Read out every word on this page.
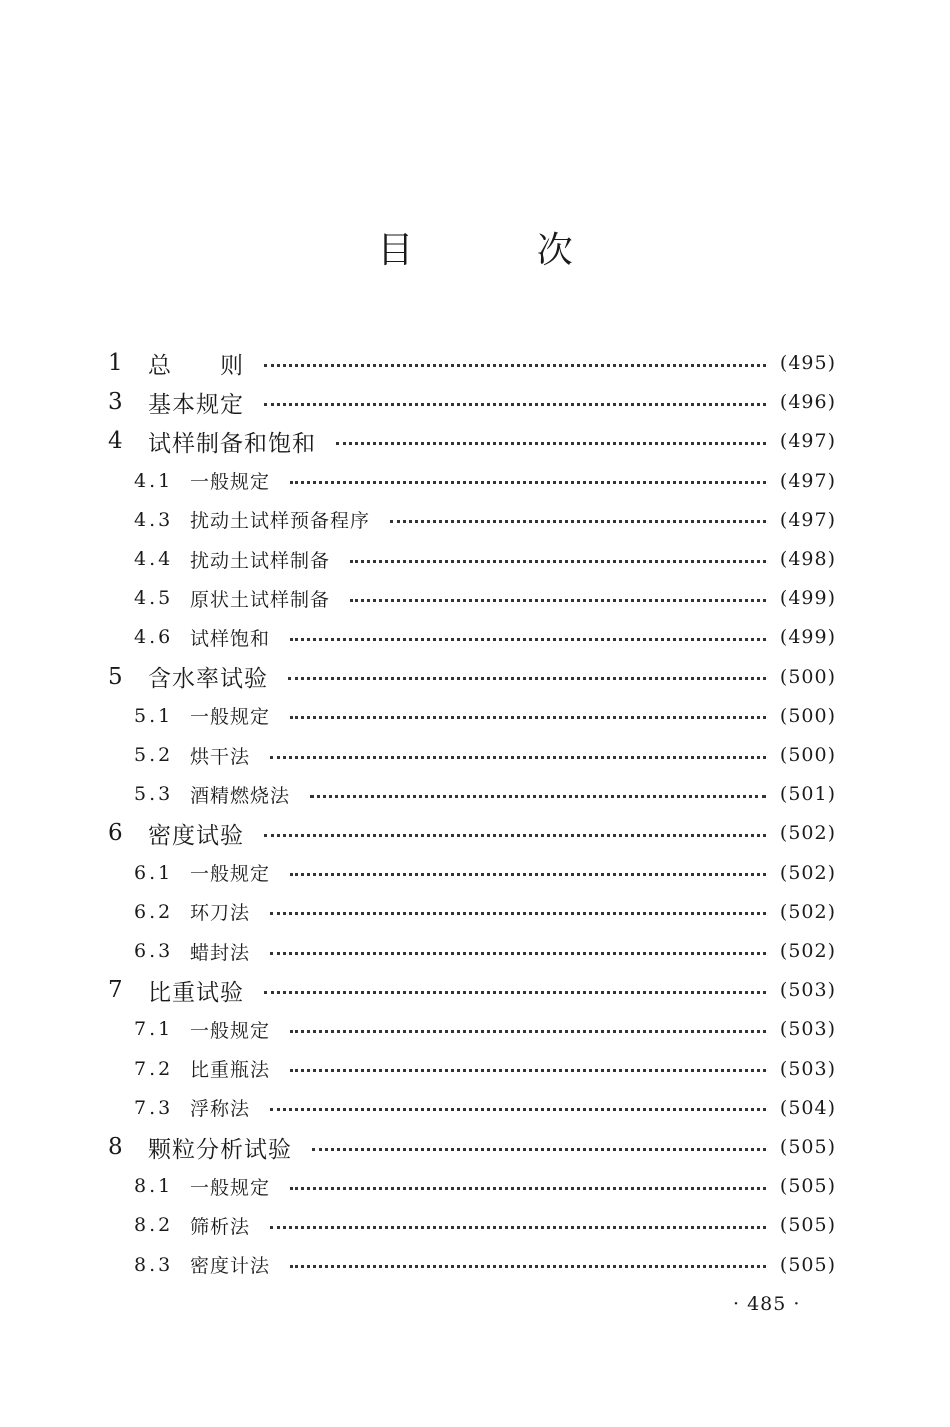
目 次
1	总　　则	(495)
3	基本规定	(496)
4	试样制备和饱和	(497)
4.1 一般规定	(497)
4.3 扰动土试样预备程序	(497)
4.4 扰动土试样制备	(498)
4.5 原状土试样制备	(499)
4.6 试样饱和	(499)
5	含水率试验	(500)
5.1 一般规定	(500)
5.2 烘干法	(500)
5.3 酒精燃烧法	(501)
6	密度试验	(502)
6.1 一般规定	(502)
6.2 环刀法	(502)
6.3 蜡封法	(502)
7	比重试验	(503)
7.1 一般规定	(503)
7.2 比重瓶法	(503)
7.3 浮称法	(504)
8	颗粒分析试验	(505)
8.1 一般规定	(505)
8.2 筛析法	(505)
8.3 密度计法	(505)
· 485 ·
